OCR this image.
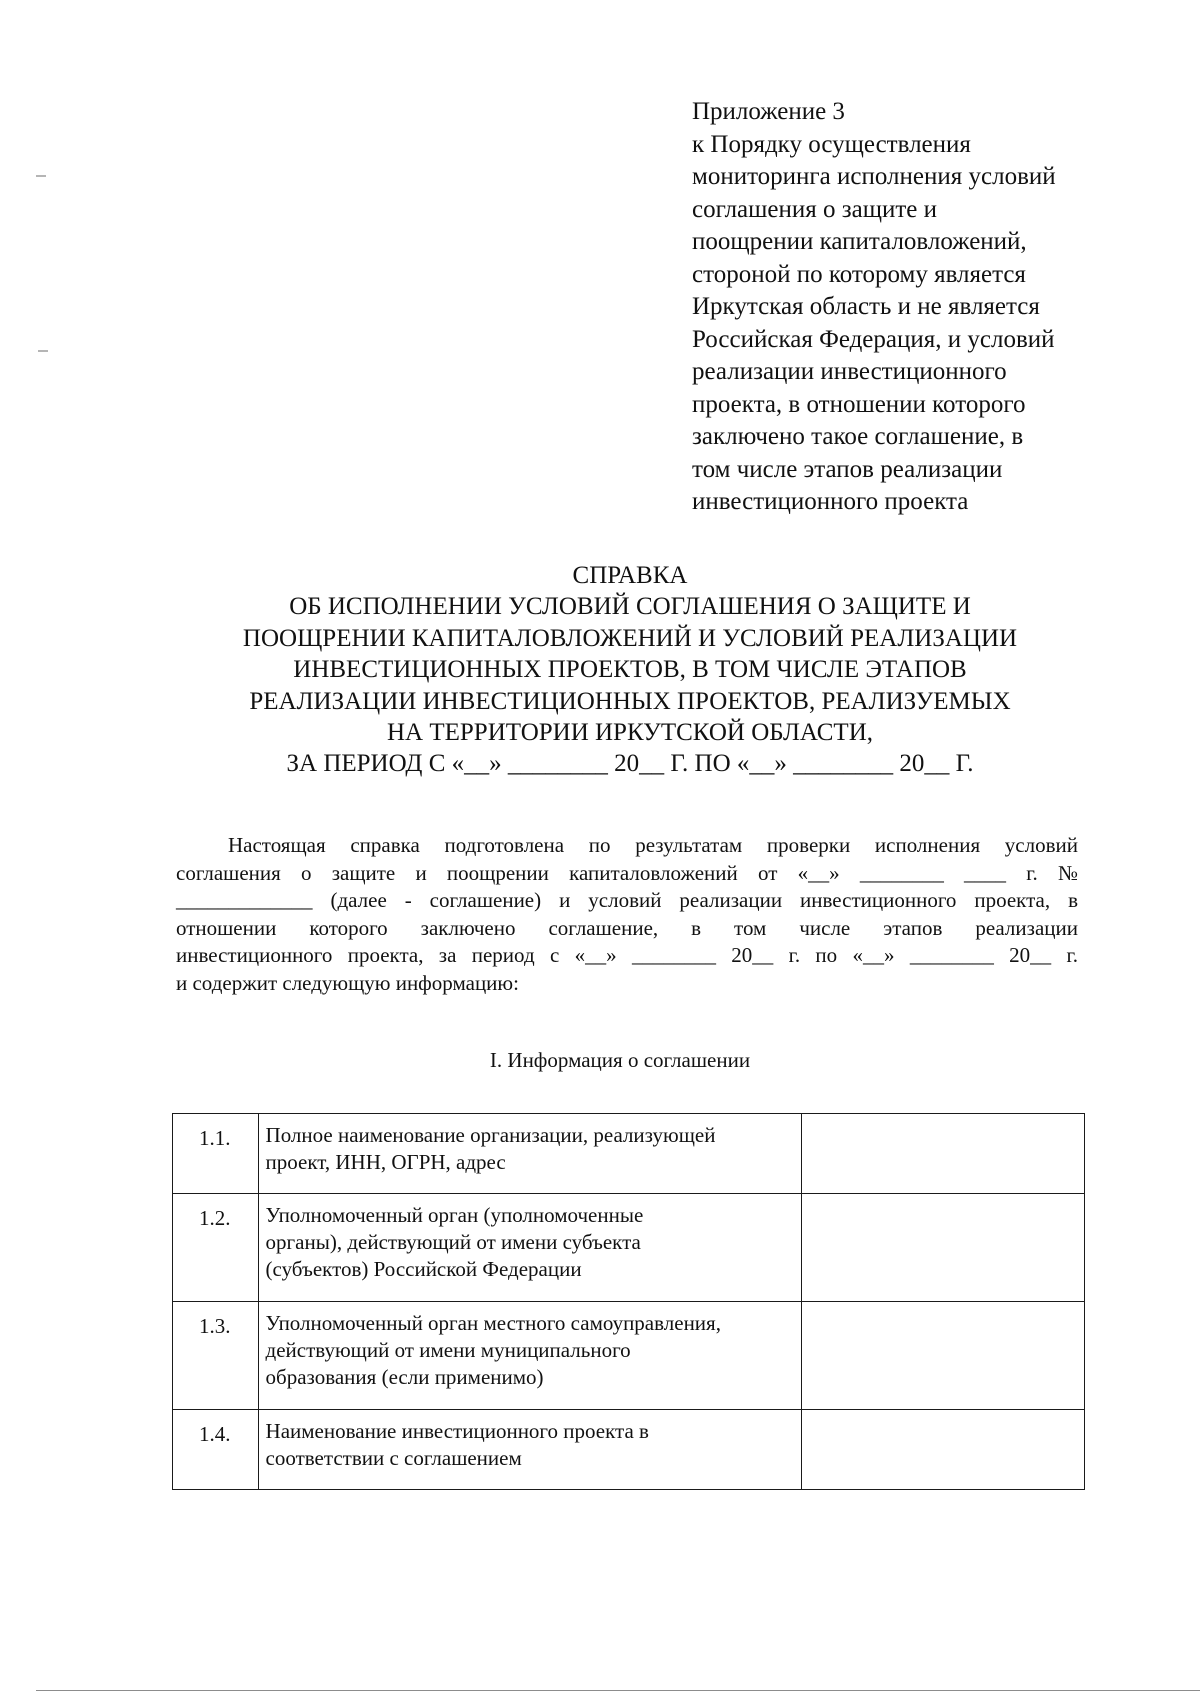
Приложение 3
к Порядку осуществления
мониторинга исполнения условий
соглашения о защите и
поощрении капиталовложений,
стороной по которому является
Иркутская область и не является
Российская Федерация, и условий
реализации инвестиционного
проекта, в отношении которого
заключено такое соглашение, в
том числе этапов реализации
инвестиционного проекта
СПРАВКА
ОБ ИСПОЛНЕНИИ УСЛОВИЙ СОГЛАШЕНИЯ О ЗАЩИТЕ И
ПООЩРЕНИИ КАПИТАЛОВЛОЖЕНИЙ И УСЛОВИЙ РЕАЛИЗАЦИИ
ИНВЕСТИЦИОННЫХ ПРОЕКТОВ, В ТОМ ЧИСЛЕ ЭТАПОВ
РЕАЛИЗАЦИИ ИНВЕСТИЦИОННЫХ ПРОЕКТОВ, РЕАЛИЗУЕМЫХ
НА ТЕРРИТОРИИ ИРКУТСКОЙ ОБЛАСТИ,
ЗА ПЕРИОД С «__» ________ 20__ Г. ПО «__» ________ 20__ Г.
Настоящая справка подготовлена по результатам проверки исполнения условий
соглашения о защите и поощрении капиталовложений от «__» ________ ____ г. №
_____________ (далее - соглашение) и условий реализации инвестиционного проекта, в
отношении которого заключено соглашение, в том числе этапов реализации
инвестиционного проекта, за период с «__» ________ 20__ г. по «__» ________ 20__ г.
и содержит следующую информацию:
I. Информация о соглашении
1.1.	Полное наименование организации, реализующей
проект, ИНН, ОГРН, адрес	

1.2.	Уполномоченный орган (уполномоченные
органы), действующий от имени субъекта
(субъектов) Российской Федерации	

1.3.	Уполномоченный орган местного самоуправления,
действующий от имени муниципального
образования (если применимо)	

1.4.	Наименование инвестиционного проекта в
соответствии с соглашением	
